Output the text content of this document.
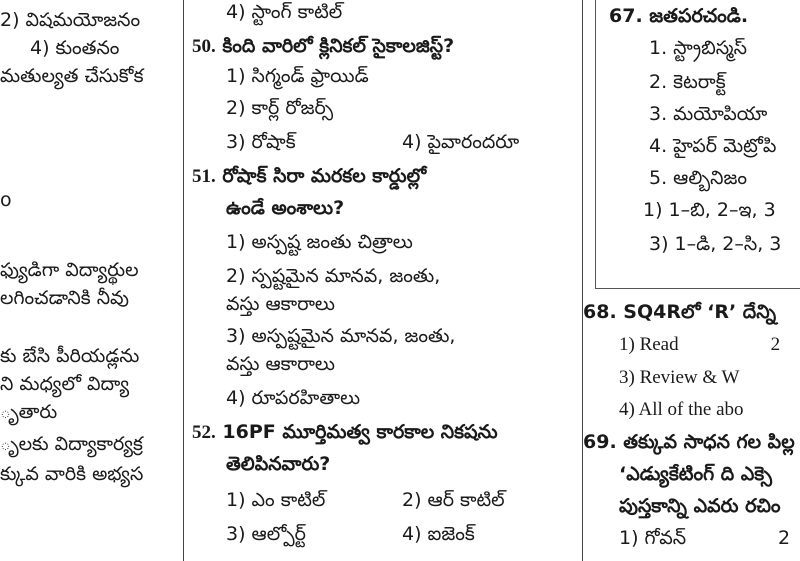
2) విషమయోజనం
4) కుంతనం
మతుల్యత చేసుకోక
o
ఫ్యుడిగా విద్యార్థుల
లగించడానికి నీవు
కు బేసి పీరియడ్లను
ని మధ్యలో విద్యా
ృతారు
ృలకు విద్యాకార్యక్ర
క్కువ వారికి అభ్యస
4) స్టాంగ్ కాటిల్
50. కింది వారిలో క్లినికల్ సైకాలజిస్ట్?
1) సిగ్మండ్ ఫ్రాయిడ్
2) కార్ల్ రోజర్స్
3) రోషాక్	4) పైవారందరూ
51. రోషాక్ సిరా మరకల కార్డుల్లో
ఉండే అంశాలు?
1) అస్పష్ట జంతు చిత్రాలు
2) స్పష్టమైన మానవ, జంతు,
వస్తు ఆకారాలు
3) అస్పష్టమైన మానవ, జంతు,
వస్తు ఆకారాలు
4) రూపరహితాలు
52. 16PF మూర్తిమత్వ కారకాల నికషను
తెలిపినవారు?
1) ఎం కాటిల్	2) ఆర్ కాటిల్
3) ఆల్పోర్ట్	4) ఐజెంక్
67. జతపరచండి.
1. స్ట్రాబిస్మస్
2. కెటరాక్ట్
3. మయోపియా
4. హైపర్ మెట్రోపి
5. ఆల్బినిజం
1) 1–బి, 2–ఇ, 3
3) 1–డి, 2–సి, 3
68. SQ4Rలో ‘R’ దేన్ని
1) Read	2
3) Review & W
4) All of the abo
69. తక్కువ సాధన గల పిల్ల
‘ఎడ్యుకేటింగ్ ది ఎక్సె
పుస్తకాన్ని ఎవరు రచిం
1) గోవన్	2
